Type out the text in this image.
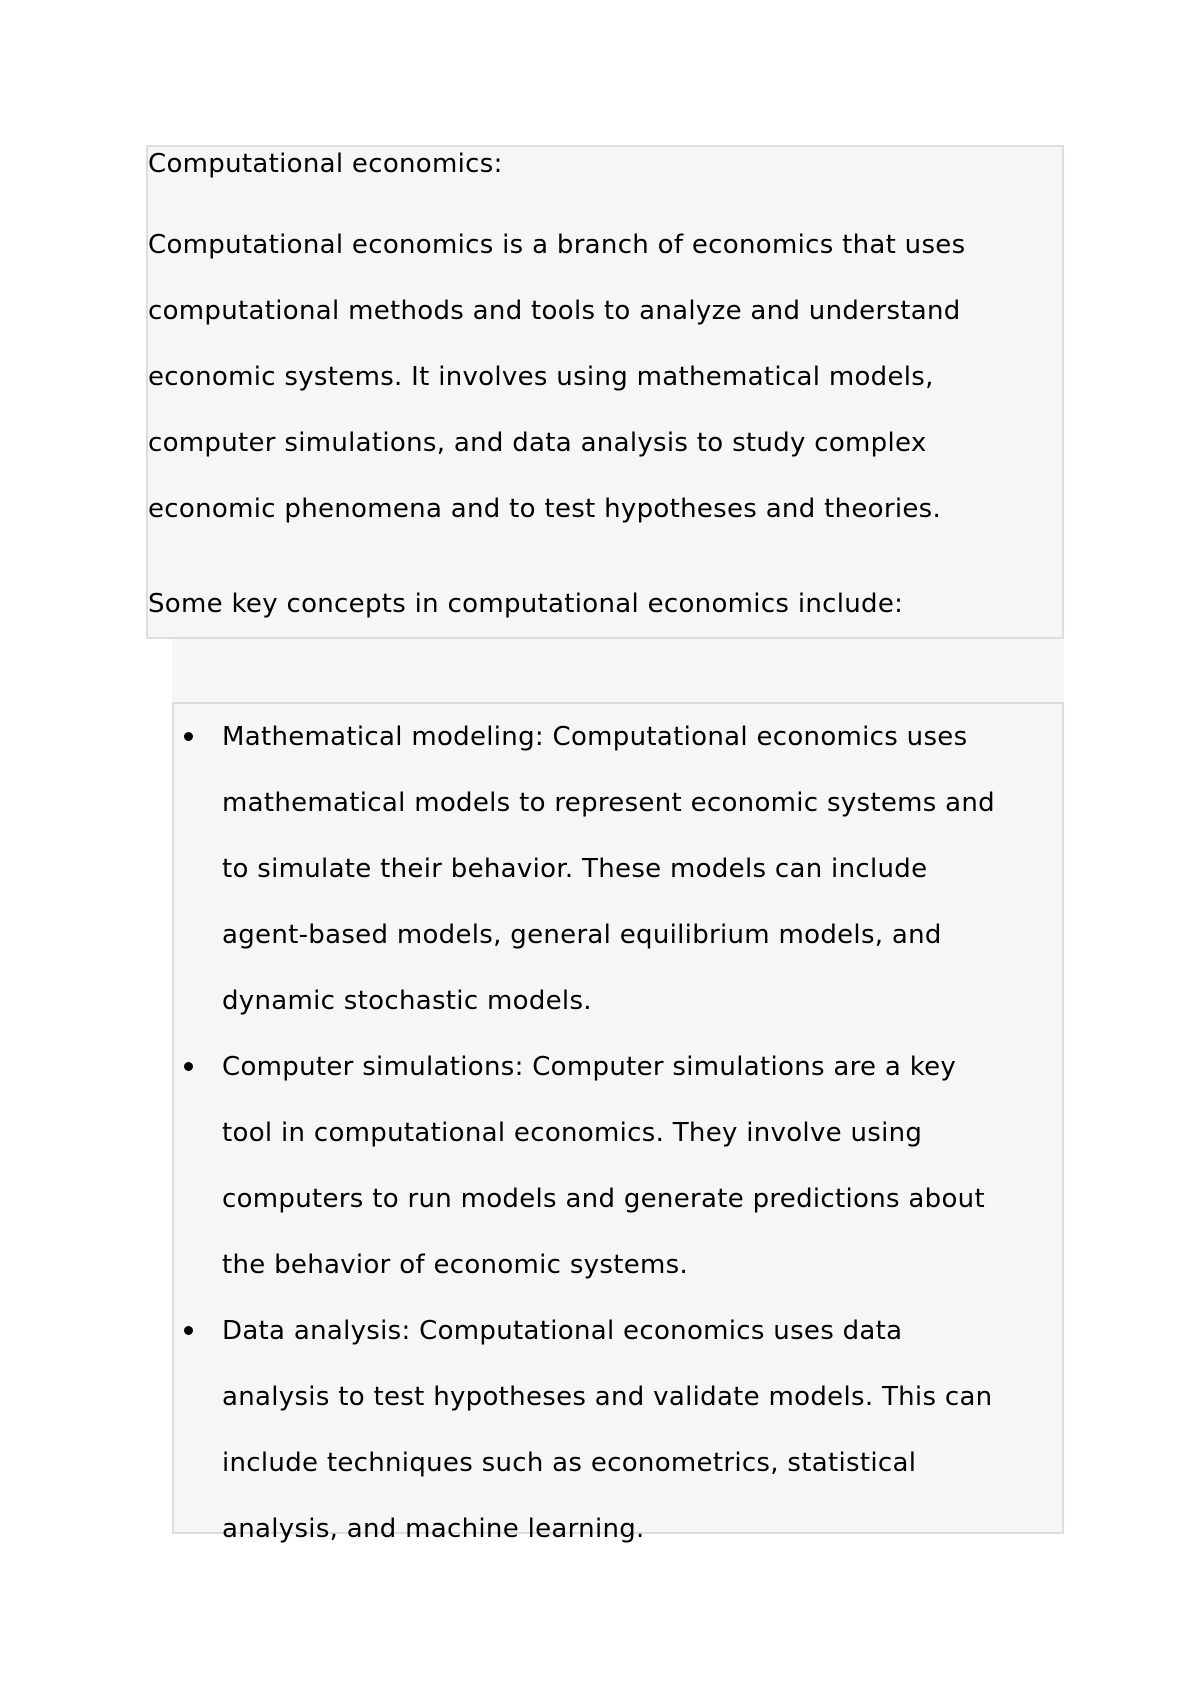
Computational economics:

Computational economics is a branch of economics that uses
computational methods and tools to analyze and understand
economic systems. It involves using mathematical models,
computer simulations, and data analysis to study complex
economic phenomena and to test hypotheses and theories.

Some key concepts in computational economics include:

Mathematical modeling: Computational economics uses
mathematical models to represent economic systems and
to simulate their behavior. These models can include
agent-based models, general equilibrium models, and
dynamic stochastic models.
Computer simulations: Computer simulations are a key
tool in computational economics. They involve using
computers to run models and generate predictions about
the behavior of economic systems.
Data analysis: Computational economics uses data
analysis to test hypotheses and validate models. This can
include techniques such as econometrics, statistical
analysis, and machine learning.
